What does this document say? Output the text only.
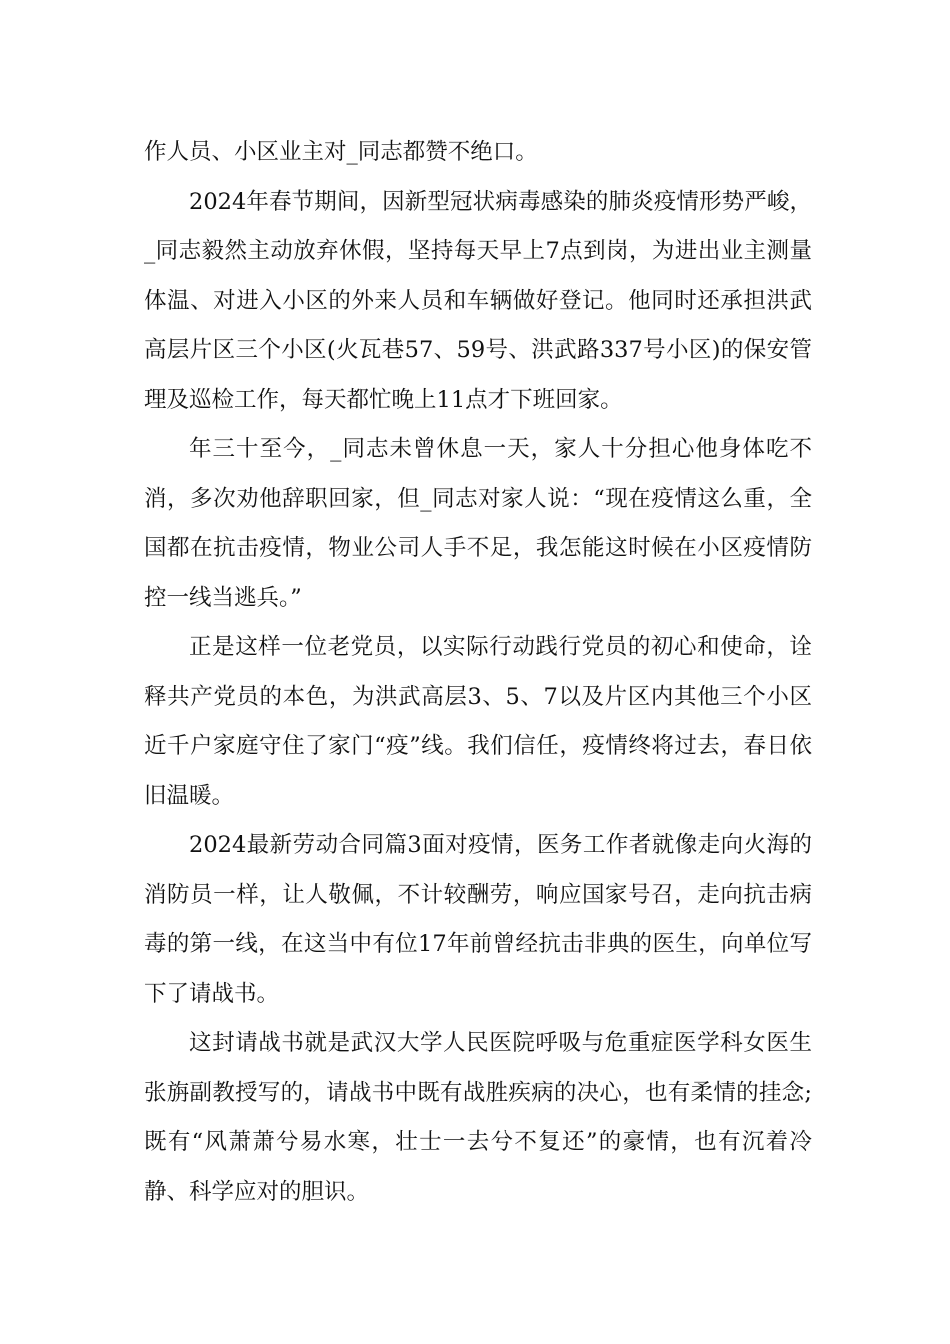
作人员、小区业主对_同志都赞不绝口。

2024年春节期间，因新型冠状病毒感染的肺炎疫情形势严峻，_同志毅然主动放弃休假，坚持每天早上7点到岗，为进出业主测量体温、对进入小区的外来人员和车辆做好登记。他同时还承担洪武高层片区三个小区(火瓦巷57、59号、洪武路337号小区)的保安管理及巡检工作，每天都忙晚上11点才下班回家。

年三十至今，_同志未曾休息一天，家人十分担心他身体吃不消，多次劝他辞职回家，但_同志对家人说：“现在疫情这么重，全国都在抗击疫情，物业公司人手不足，我怎能这时候在小区疫情防控一线当逃兵。”

正是这样一位老党员，以实际行动践行党员的初心和使命，诠释共产党员的本色，为洪武高层3、5、7以及片区内其他三个小区近千户家庭守住了家门“疫”线。我们信任，疫情终将过去，春日依旧温暖。

2024最新劳动合同篇3面对疫情，医务工作者就像走向火海的消防员一样，让人敬佩，不计较酬劳，响应国家号召，走向抗击病毒的第一线，在这当中有位17年前曾经抗击非典的医生，向单位写下了请战书。

这封请战书就是武汉大学人民医院呼吸与危重症医学科女医生张旃副教授写的，请战书中既有战胜疾病的决心，也有柔情的挂念;既有“风萧萧兮易水寒，壮士一去兮不复还”的豪情，也有沉着冷静、科学应对的胆识。
